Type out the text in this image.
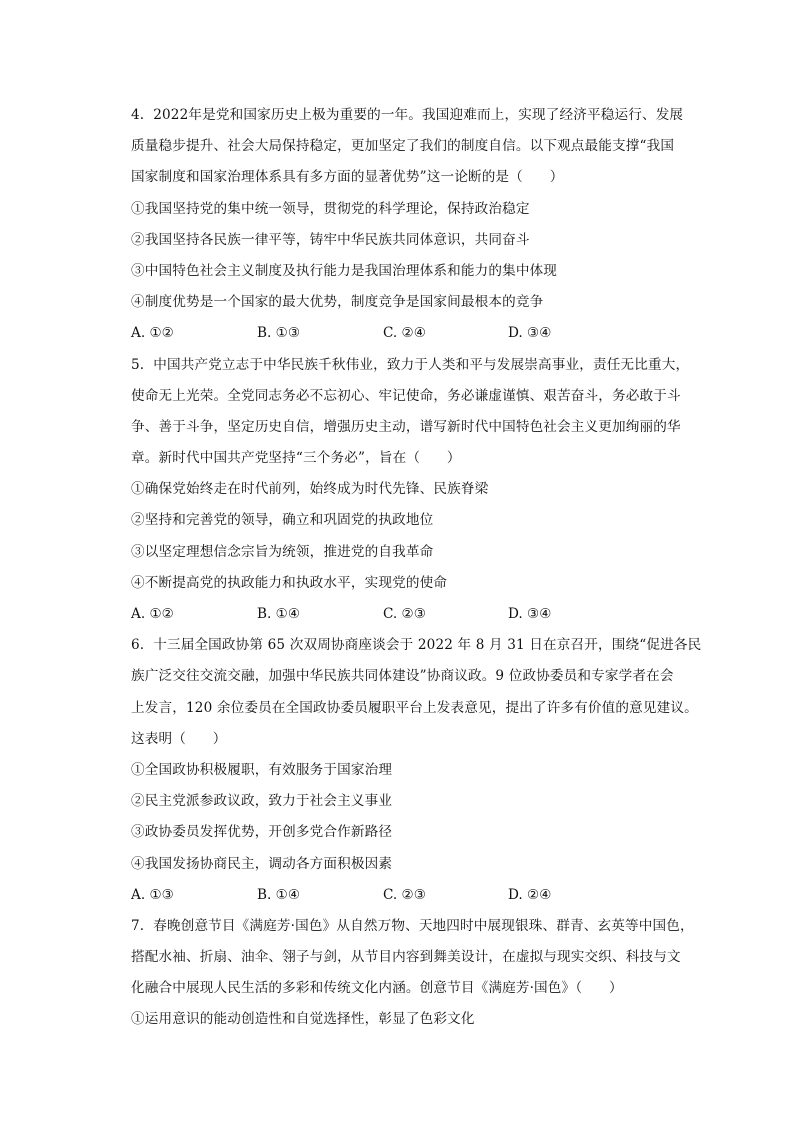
4.  2022年是党和国家历史上极为重要的一年。我国迎难而上，实现了经济平稳运行、发展
质量稳步提升、社会大局保持稳定，更加坚定了我们的制度自信。以下观点最能支撑“我国
国家制度和国家治理体系具有多方面的显著优势”这一论断的是（      ）
①我国坚持党的集中统一领导，贯彻党的科学理论，保持政治稳定
②我国坚持各民族一律平等，铸牢中华民族共同体意识，共同奋斗
③中国特色社会主义制度及执行能力是我国治理体系和能力的集中体现
④制度优势是一个国家的最大优势，制度竞争是国家间最根本的竞争
A. ①②	B. ①③	C. ②④	D. ③④
5.  中国共产党立志于中华民族千秋伟业，致力于人类和平与发展崇高事业，责任无比重大，
使命无上光荣。全党同志务必不忘初心、牢记使命，务必谦虚谨慎、艰苦奋斗，务必敢于斗
争、善于斗争，坚定历史自信，增强历史主动，谱写新时代中国特色社会主义更加绚丽的华
章。新时代中国共产党坚持“三个务必”，旨在（      ）
①确保党始终走在时代前列，始终成为时代先锋、民族脊梁
②坚持和完善党的领导，确立和巩固党的执政地位
③以坚定理想信念宗旨为统领，推进党的自我革命
④不断提高党的执政能力和执政水平，实现党的使命
A. ①②	B. ①④	C. ②③	D. ③④
6.  十三届全国政协第 65 次双周协商座谈会于 2022 年 8 月 31 日在京召开，围绕“促进各民
族广泛交往交流交融，加强中华民族共同体建设”协商议政。9 位政协委员和专家学者在会
上发言，120 余位委员在全国政协委员履职平台上发表意见，提出了许多有价值的意见建议。
这表明（      ）
①全国政协积极履职，有效服务于国家治理
②民主党派参政议政，致力于社会主义事业
③政协委员发挥优势，开创多党合作新路径
④我国发扬协商民主，调动各方面积极因素
A. ①③	B. ①④	C. ②③	D. ②④
7.  春晚创意节目《满庭芳·国色》从自然万物、天地四时中展现银珠、群青、玄英等中国色，
搭配水袖、折扇、油伞、翎子与剑，从节目内容到舞美设计，在虚拟与现实交织、科技与文
化融合中展现人民生活的多彩和传统文化内涵。创意节目《满庭芳·国色》（      ）
①运用意识的能动创造性和自觉选择性，彰显了色彩文化
